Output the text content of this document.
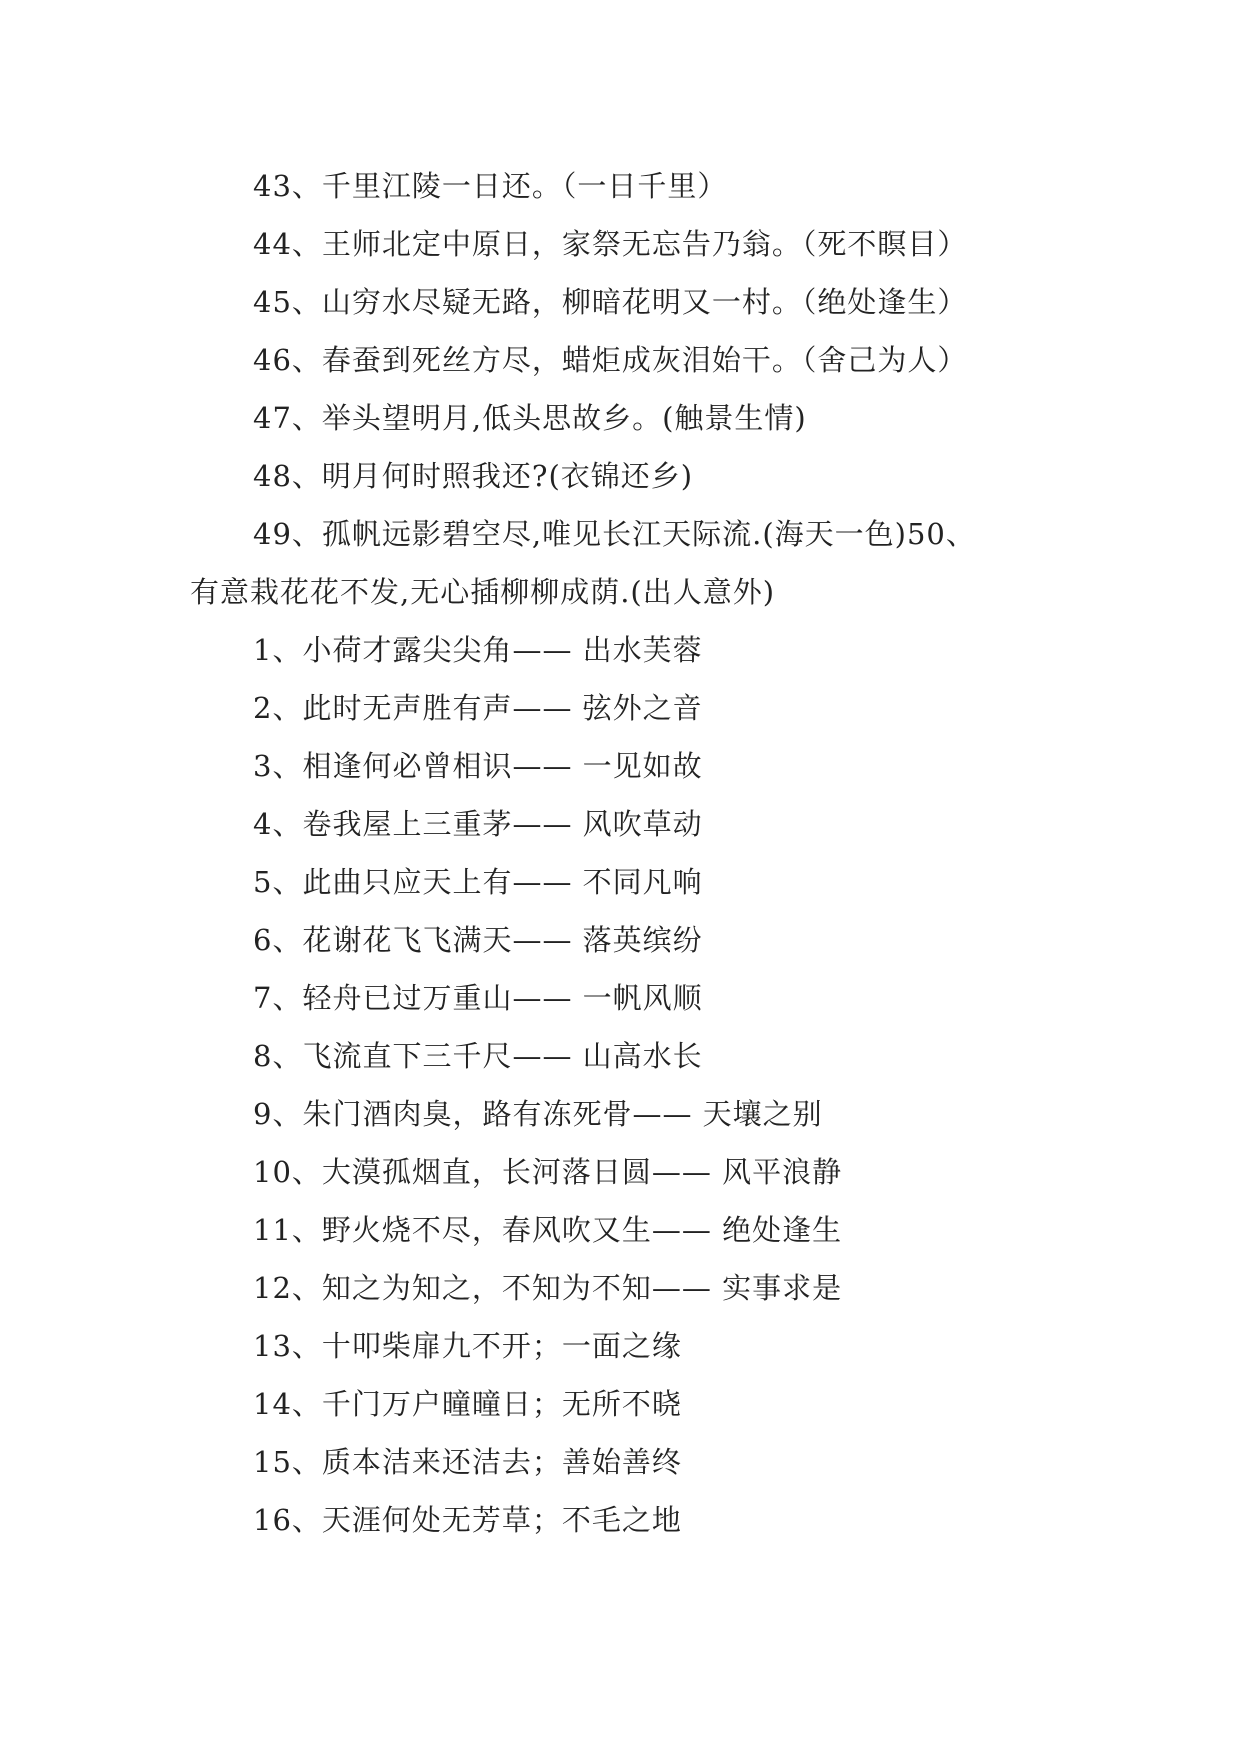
43、千里江陵一日还。（一日千里）
44、王师北定中原日，家祭无忘告乃翁。（死不瞑目）
45、山穷水尽疑无路，柳暗花明又一村。（绝处逢生）
46、春蚕到死丝方尽，蜡炬成灰泪始干。（舍己为人）
47、举头望明月,低头思故乡。(触景生情)
48、明月何时照我还?(衣锦还乡)
49、孤帆远影碧空尽,唯见长江天际流.(海天一色)50、
有意栽花花不发,无心插柳柳成荫.(出人意外)
1、小荷才露尖尖角—— 出水芙蓉
2、此时无声胜有声—— 弦外之音
3、相逢何必曾相识—— 一见如故
4、卷我屋上三重茅—— 风吹草动
5、此曲只应天上有—— 不同凡响
6、花谢花飞飞满天—— 落英缤纷
7、轻舟已过万重山—— 一帆风顺
8、飞流直下三千尺—— 山高水长
9、朱门酒肉臭，路有冻死骨—— 天壤之别
10、大漠孤烟直，长河落日圆—— 风平浪静
11、野火烧不尽，春风吹又生—— 绝处逢生
12、知之为知之，不知为不知—— 实事求是
13、十叩柴扉九不开；一面之缘
14、千门万户曈曈日；无所不晓
15、质本洁来还洁去；善始善终
16、天涯何处无芳草；不毛之地
